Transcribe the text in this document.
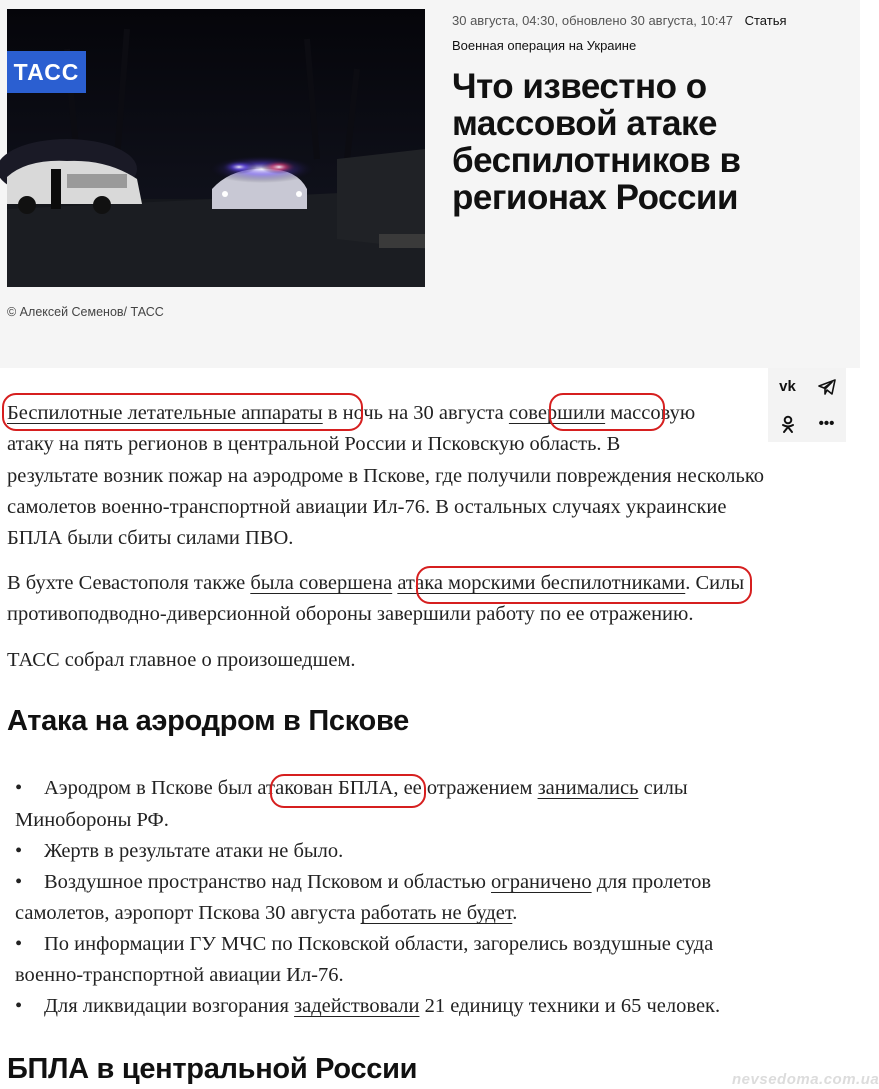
ТАСС
© Алексей Семенов/ ТАСС
30 августа, 04:30, обновлено 30 августа, 10:47 Статья
Военная операция на Украине
Что известно о массовой атаке беспилотников в регионах России
vk
•••

Беспилотные летательные аппараты в ночь на 30 августа совершили массовую

атаку на пять регионов в центральной России и Псковскую область. В

результате возник пожар на аэродроме в Пскове, где получили повреждения несколько

самолетов военно-транспортной авиации Ил-76. В остальных случаях украинские

БПЛА были сбиты силами ПВО.

В бухте Севастополя также была совершена атака морскими беспилотниками. Силы

противоподводно-диверсионной обороны завершили работу по ее отражению.

ТАСС собрал главное о произошедшем.

Атака на аэродром в Пскове

• Аэродром в Пскове был атакован БПЛА, ее отражением занимались силы

Минобороны РФ.

• Жертв в результате атаки не было.

• Воздушное пространство над Псковом и областью ограничено для пролетов

самолетов, аэропорт Пскова 30 августа работать не будет.

• По информации ГУ МЧС по Псковской области, загорелись воздушные суда

военно-транспортной авиации Ил-76.

• Для ликвидации возгорания задействовали 21 единицу техники и 65 человек.

БПЛА в центральной России	nevsedoma.com.ua
